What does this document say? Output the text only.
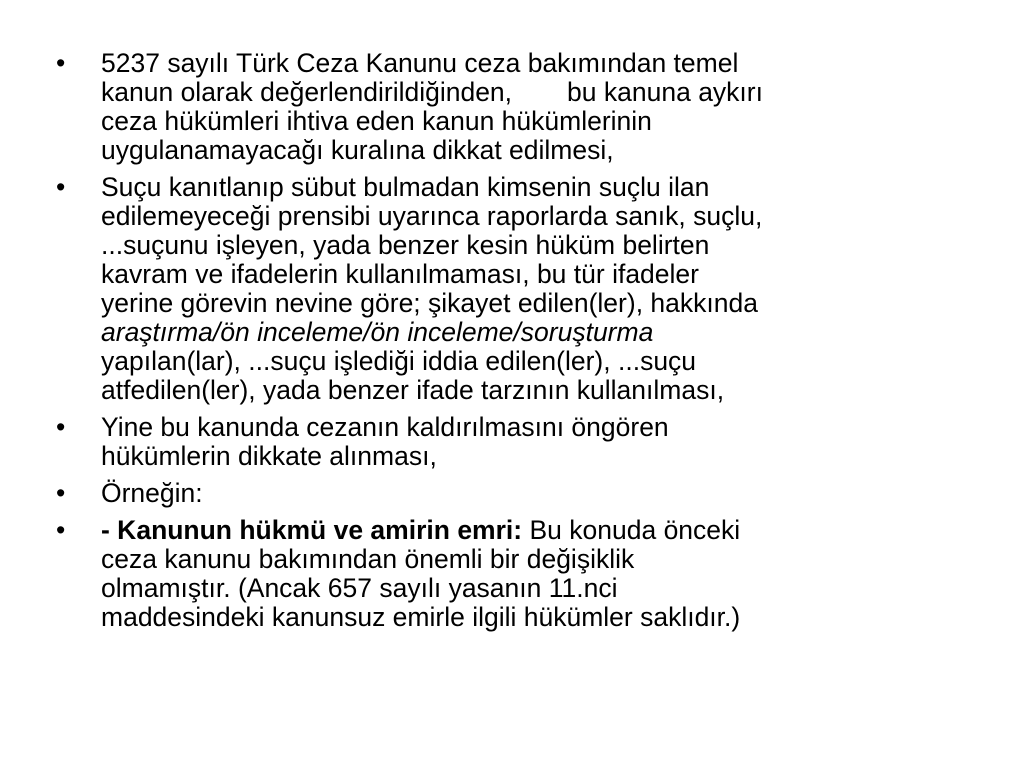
• 5237 sayılı Türk Ceza Kanunu ceza bakımından temel
kanun olarak değerlendirildiğinden, bu kanuna aykırı
ceza hükümleri ihtiva eden kanun hükümlerinin
uygulanamayacağı kuralına dikkat edilmesi,
• Suçu kanıtlanıp sübut bulmadan kimsenin suçlu ilan
edilemeyeceği prensibi uyarınca raporlarda sanık, suçlu,
...suçunu işleyen, yada benzer kesin hüküm belirten
kavram ve ifadelerin kullanılmaması, bu tür ifadeler
yerine görevin nevine göre; şikayet edilen(ler), hakkında
araştırma/ön inceleme/ön inceleme/soruşturma
yapılan(lar), ...suçu işlediği iddia edilen(ler), ...suçu
atfedilen(ler), yada benzer ifade tarzının kullanılması,
• Yine bu kanunda cezanın kaldırılmasını öngören
hükümlerin dikkate alınması,
• Örneğin:
• - Kanunun hükmü ve amirin emri: Bu konuda önceki
ceza kanunu bakımından önemli bir değişiklik
olmamıştır. (Ancak 657 sayılı yasanın 11.nci
maddesindeki kanunsuz emirle ilgili hükümler saklıdır.)
